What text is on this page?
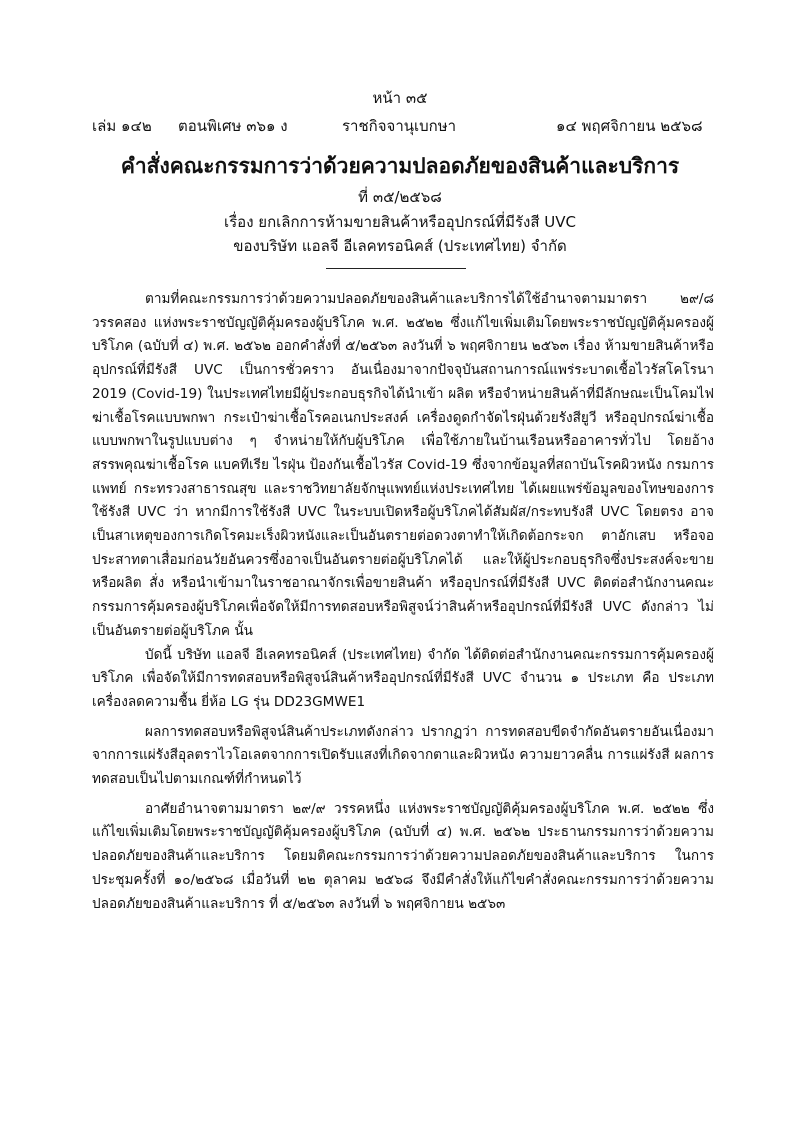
หน้า ๓๕
เล่ม ๑๔๒ ตอนพิเศษ ๓๖๑ ง	ราชกิจจานุเบกษา	๑๔ พฤศจิกายน ๒๕๖๘
คำสั่งคณะกรรมการว่าด้วยความปลอดภัยของสินค้าและบริการ
ที่ ๓๕/๒๕๖๘
เรื่อง ยกเลิกการห้ามขายสินค้าหรืออุปกรณ์ที่มีรังสี UVC
ของบริษัท แอลจี อีเลคทรอนิคส์ (ประเทศไทย) จำกัด

ตามที่คณะกรรมการว่าด้วยความปลอดภัยของสินค้าและบริการได้ใช้อำนาจตามมาตรา ๒๙/๘ วรรคสอง แห่งพระราชบัญญัติคุ้มครองผู้บริโภค พ.ศ. ๒๕๒๒ ซึ่งแก้ไขเพิ่มเติมโดยพระราชบัญญัติคุ้มครองผู้บริโภค (ฉบับที่ ๔) พ.ศ. ๒๕๖๒ ออกคำสั่งที่ ๕/๒๕๖๓ ลงวันที่ ๖ พฤศจิกายน ๒๕๖๓ เรื่อง ห้ามขายสินค้าหรืออุปกรณ์ที่มีรังสี UVC เป็นการชั่วคราว อันเนื่องมาจากปัจจุบันสถานการณ์แพร่ระบาดเชื้อไวรัสโคโรนา 2019 (Covid-19) ในประเทศไทยมีผู้ประกอบธุรกิจได้นำเข้า ผลิต หรือจำหน่ายสินค้าที่มีลักษณะเป็นโคมไฟฆ่าเชื้อโรคแบบพกพา กระเป๋าฆ่าเชื้อโรคอเนกประสงค์ เครื่องดูดกำจัดไรฝุ่นด้วยรังสียูวี หรืออุปกรณ์ฆ่าเชื้อแบบพกพาในรูปแบบต่าง ๆ จำหน่ายให้กับผู้บริโภค เพื่อใช้ภายในบ้านเรือนหรืออาคารทั่วไป โดยอ้างสรรพคุณฆ่าเชื้อโรค แบคทีเรีย ไรฝุ่น ป้องกันเชื้อไวรัส Covid-19 ซึ่งจากข้อมูลที่สถาบันโรคผิวหนัง กรมการแพทย์ กระทรวงสาธารณสุข และราชวิทยาลัยจักษุแพทย์แห่งประเทศไทย ได้เผยแพร่ข้อมูลของโทษของการใช้รังสี UVC ว่า หากมีการใช้รังสี UVC ในระบบเปิดหรือผู้บริโภคได้สัมผัส/กระทบรังสี UVC โดยตรง อาจเป็นสาเหตุของการเกิดโรคมะเร็งผิวหนังและเป็นอันตรายต่อดวงตาทำให้เกิดต้อกระจก ตาอักเสบ หรือจอประสาทตาเสื่อมก่อนวัยอันควรซึ่งอาจเป็นอันตรายต่อผู้บริโภคได้ และให้ผู้ประกอบธุรกิจซึ่งประสงค์จะขายหรือผลิต สั่ง หรือนำเข้ามาในราชอาณาจักรเพื่อขายสินค้า หรืออุปกรณ์ที่มีรังสี UVC ติดต่อสำนักงานคณะกรรมการคุ้มครองผู้บริโภคเพื่อจัดให้มีการทดสอบหรือพิสูจน์ว่าสินค้าหรืออุปกรณ์ที่มีรังสี UVC ดังกล่าว ไม่เป็นอันตรายต่อผู้บริโภค นั้น

บัดนี้ บริษัท แอลจี อีเลคทรอนิคส์ (ประเทศไทย) จำกัด ได้ติดต่อสำนักงานคณะกรรมการคุ้มครองผู้บริโภค เพื่อจัดให้มีการทดสอบหรือพิสูจน์สินค้าหรืออุปกรณ์ที่มีรังสี UVC จำนวน ๑ ประเภท คือ ประเภทเครื่องลดความชื้น ยี่ห้อ LG รุ่น DD23GMWE1

ผลการทดสอบหรือพิสูจน์สินค้าประเภทดังกล่าว ปรากฏว่า การทดสอบขีดจำกัดอันตรายอันเนื่องมาจากการแผ่รังสีอุลตราไวโอเลตจากการเปิดรับแสงที่เกิดจากตาและผิวหนัง ความยาวคลื่น การแผ่รังสี ผลการทดสอบเป็นไปตามเกณฑ์ที่กำหนดไว้

อาศัยอำนาจตามมาตรา ๒๙/๙ วรรคหนึ่ง แห่งพระราชบัญญัติคุ้มครองผู้บริโภค พ.ศ. ๒๕๒๒ ซึ่งแก้ไขเพิ่มเติมโดยพระราชบัญญัติคุ้มครองผู้บริโภค (ฉบับที่ ๔) พ.ศ. ๒๕๖๒ ประธานกรรมการว่าด้วยความปลอดภัยของสินค้าและบริการ โดยมติคณะกรรมการว่าด้วยความปลอดภัยของสินค้าและบริการ ในการประชุมครั้งที่ ๑๐/๒๕๖๘ เมื่อวันที่ ๒๒ ตุลาคม ๒๕๖๘ จึงมีคำสั่งให้แก้ไขคำสั่งคณะกรรมการว่าด้วยความปลอดภัยของสินค้าและบริการ ที่ ๕/๒๕๖๓ ลงวันที่ ๖ พฤศจิกายน ๒๕๖๓
